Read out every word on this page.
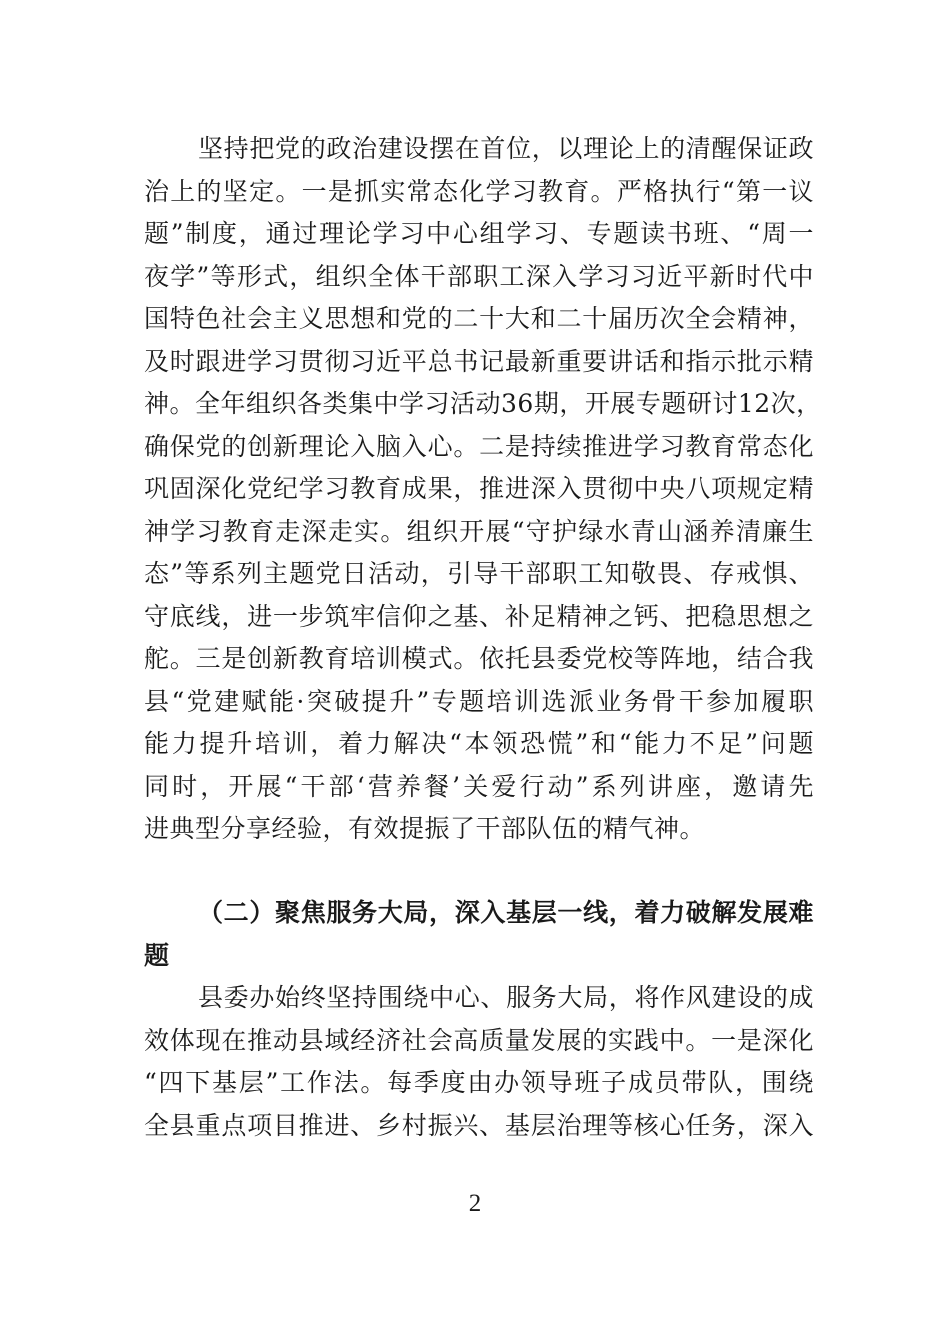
坚持把党的政治建设摆在首位，以理论上的清醒保证政
治上的坚定。一是抓实常态化学习教育。严格执行“第一议
题”制度，通过理论学习中心组学习、专题读书班、“周一
夜学”等形式，组织全体干部职工深入学习习近平新时代中
国特色社会主义思想和党的二十大和二十届历次全会精神，
及时跟进学习贯彻习近平总书记最新重要讲话和指示批示精
神。全年组织各类集中学习活动36期，开展专题研讨12次，
确保党的创新理论入脑入心。二是持续推进学习教育常态化
巩固深化党纪学习教育成果，推进深入贯彻中央八项规定精
神学习教育走深走实。组织开展“守护绿水青山涵养清廉生
态”等系列主题党日活动，引导干部职工知敬畏、存戒惧、
守底线，进一步筑牢信仰之基、补足精神之钙、把稳思想之
舵。三是创新教育培训模式。依托县委党校等阵地，结合我
县“党建赋能·突破提升”专题培训选派业务骨干参加履职
能力提升培训，着力解决“本领恐慌”和“能力不足”问题
同时，开展“干部‘营养餐’关爱行动”系列讲座，邀请先
进典型分享经验，有效提振了干部队伍的精气神。
（二）聚焦服务大局，深入基层一线，着力破解发展难
题
县委办始终坚持围绕中心、服务大局，将作风建设的成
效体现在推动县域经济社会高质量发展的实践中。一是深化
“四下基层”工作法。每季度由办领导班子成员带队，围绕
全县重点项目推进、乡村振兴、基层治理等核心任务，深入
2
